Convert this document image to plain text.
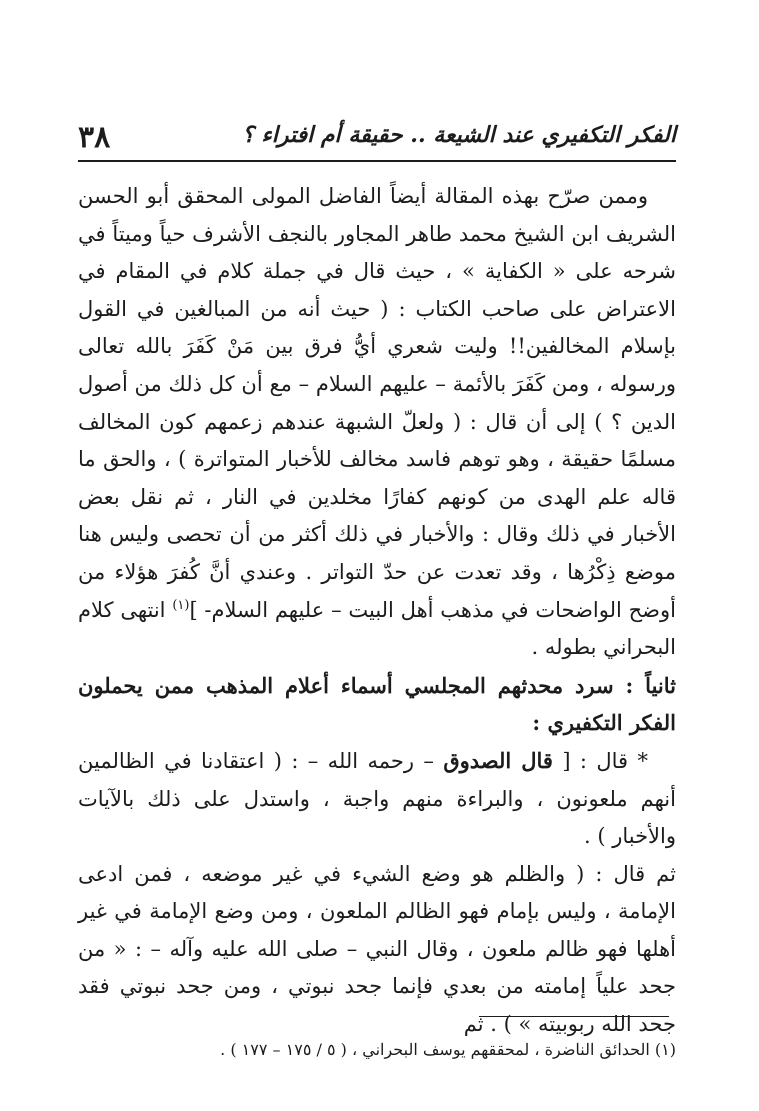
٣٨	الفكر التكفيري عند الشيعة .. حقيقة أم افتراء ؟

وممن صرّح بهذه المقالة أيضاً الفاضل المولى المحقق أبو الحسن الشريف ابن الشيخ محمد طاهر المجاور بالنجف الأشرف حياً وميتاً في شرحه على « الكفاية » ، حيث قال في جملة كلام في المقام في الاعتراض على صاحب الكتاب : ( حيث أنه من المبالغين في القول بإسلام المخالفين!! وليت شعري أيُّ فرق بين مَنْ كَفَرَ بالله تعالى ورسوله ، ومن كَفَرَ بالأئمة – عليهم السلام – مع أن كل ذلك من أصول الدين ؟ ) إلى أن قال : ( ولعلّ الشبهة عندهم زعمهم كون المخالف مسلمًا حقيقة ، وهو توهم فاسد مخالف للأخبار المتواترة ) ، والحق ما قاله علم الهدى من كونهم كفارًا مخلدين في النار ، ثم نقل بعض الأخبار في ذلك وقال : والأخبار في ذلك أكثر من أن تحصى وليس هنا موضع ذِكْرُها ، وقد تعدت عن حدّ التواتر . وعندي أنَّ كُفرَ هؤلاء من أوضح الواضحات في مذهب أهل البيت – عليهم السلام- ]$^{(١)}$ انتهى كلام البحراني بطوله .

ثانياً : سرد محدثهم المجلسي أسماء أعلام المذهب ممن يحملون الفكر التكفيري :

* قال : [ قال الصدوق – رحمه الله – : ( اعتقادنا في الظالمين أنهم ملعونون ، والبراءة منهم واجبة ، واستدل على ذلك بالآيات والأخبار ) .

ثم قال : ( والظلم هو وضع الشيء في غير موضعه ، فمن ادعى الإمامة ، وليس بإمام فهو الظالم الملعون ، ومن وضع الإمامة في غير أهلها فهو ظالم ملعون ، وقال النبي – صلى الله عليه وآله – : « من جحد علياً إمامته من بعدي فإنما جحد نبوتي ، ومن جحد نبوتي فقد جحد الله ربوبيته » ) . ثم

(١) الحدائق الناضرة ، لمحققهم يوسف البحراني ، ( ٥ / ١٧٥ – ١٧٧ ) .
